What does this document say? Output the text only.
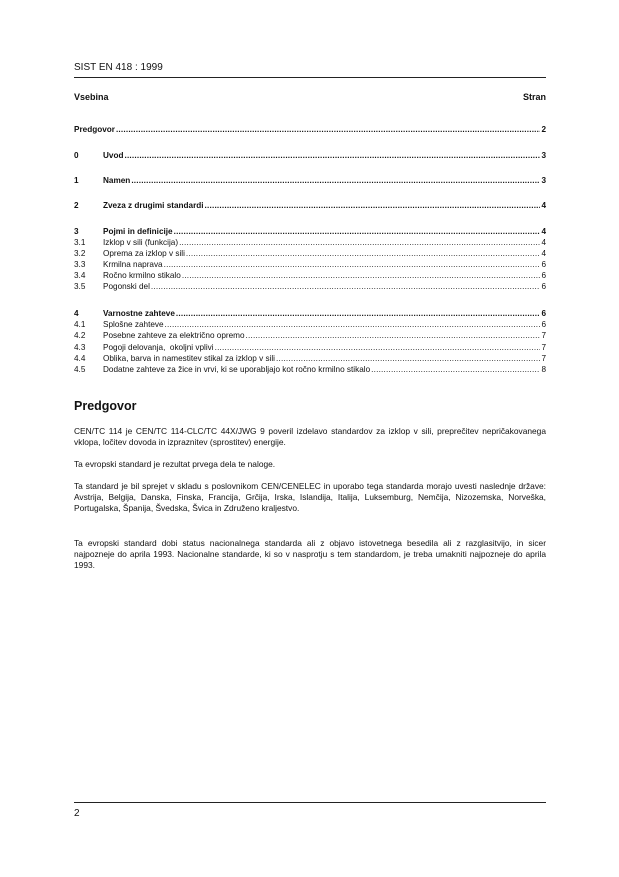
SIST EN 418 : 1999
Vsebina	Stran
Predgovor .....	2
0	Uvod .....	3
1	Namen .....	3
2	Zveza z drugimi standardi .....	4
3	Pojmi in definicije .....	4
3.1	Izklop v sili (funkcija) .....	4
3.2	Oprema za izklop v sili .....	4
3.3	Krmilna naprava .....	6
3.4	Ročno krmilno stikalo .....	6
3.5	Pogonski del .....	6
4	Varnostne zahteve .....	6
4.1	Splošne zahteve .....	6
4.2	Posebne zahteve za električno opremo .....	7
4.3	Pogoji delovanja,  okoljni vplivi .....	7
4.4	Oblika, barva in namestitev stikal za izklop v sili .....	7
4.5	Dodatne zahteve za žice in vrvi, ki se uporabljajo kot ročno krmilno stikalo .....	8
Predgovor
CEN/TC 114 je CEN/TC 114-CLC/TC 44X/JWG 9 poveril izdelavo standardov za izklop v sili, preprečitev nepričakovanega vklopa, ločitev dovoda in izpraznitev (sprostitev) energije.
Ta evropski standard je rezultat prvega dela te naloge.
Ta standard je bil sprejet v skladu s poslovnikom CEN/CENELEC in uporabo tega standarda morajo uvesti naslednje države: Avstrija, Belgija, Danska, Finska, Francija, Grčija, Irska, Islandija, Italija, Luksemburg, Nemčija, Nizozemska, Norveška, Portugalska, Španija, Švedska, Švica in Združeno kraljestvo.
Ta evropski standard dobi status nacionalnega standarda ali z objavo istovetnega besedila ali z razglasitvijo, in sicer najpozneje do aprila 1993. Nacionalne standarde, ki so v nasprotju s tem standardom, je treba umakniti najpozneje do aprila 1993.
2
